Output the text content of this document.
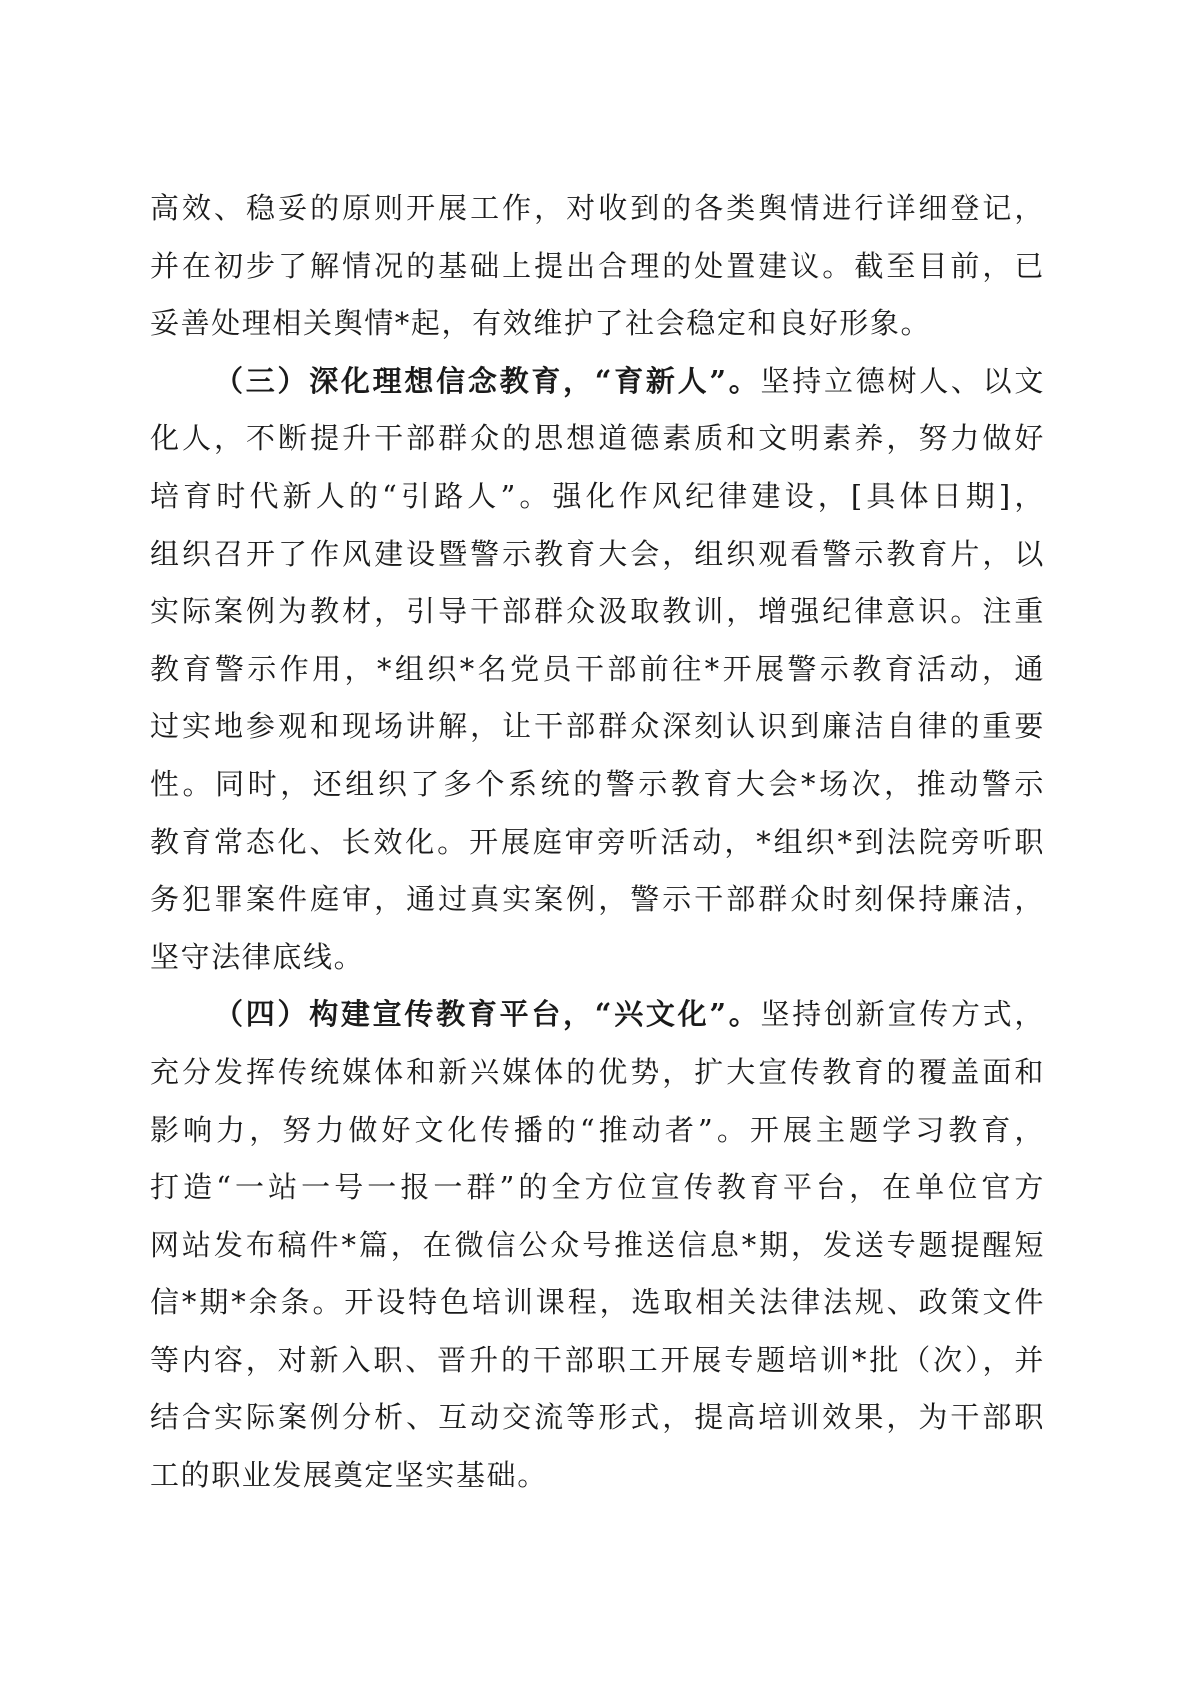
高效、稳妥的原则开展工作，对收到的各类舆情进行详细登记，
并在初步了解情况的基础上提出合理的处置建议。截至目前，已
妥善处理相关舆情*起，有效维护了社会稳定和良好形象。
（三）深化理想信念教育，“育新人”。坚持立德树人、以文
化人，不断提升干部群众的思想道德素质和文明素养，努力做好
培育时代新人的“引路人”。强化作风纪律建设，[具体日期]，
组织召开了作风建设暨警示教育大会，组织观看警示教育片，以
实际案例为教材，引导干部群众汲取教训，增强纪律意识。注重
教育警示作用，*组织*名党员干部前往*开展警示教育活动，通
过实地参观和现场讲解，让干部群众深刻认识到廉洁自律的重要
性。同时，还组织了多个系统的警示教育大会*场次，推动警示
教育常态化、长效化。开展庭审旁听活动，*组织*到法院旁听职
务犯罪案件庭审，通过真实案例，警示干部群众时刻保持廉洁，
坚守法律底线。
（四）构建宣传教育平台，“兴文化”。坚持创新宣传方式，
充分发挥传统媒体和新兴媒体的优势，扩大宣传教育的覆盖面和
影响力，努力做好文化传播的“推动者”。开展主题学习教育，
打造“一站一号一报一群”的全方位宣传教育平台，在单位官方
网站发布稿件*篇，在微信公众号推送信息*期，发送专题提醒短
信*期*余条。开设特色培训课程，选取相关法律法规、政策文件
等内容，对新入职、晋升的干部职工开展专题培训*批（次），并
结合实际案例分析、互动交流等形式，提高培训效果，为干部职
工的职业发展奠定坚实基础。
